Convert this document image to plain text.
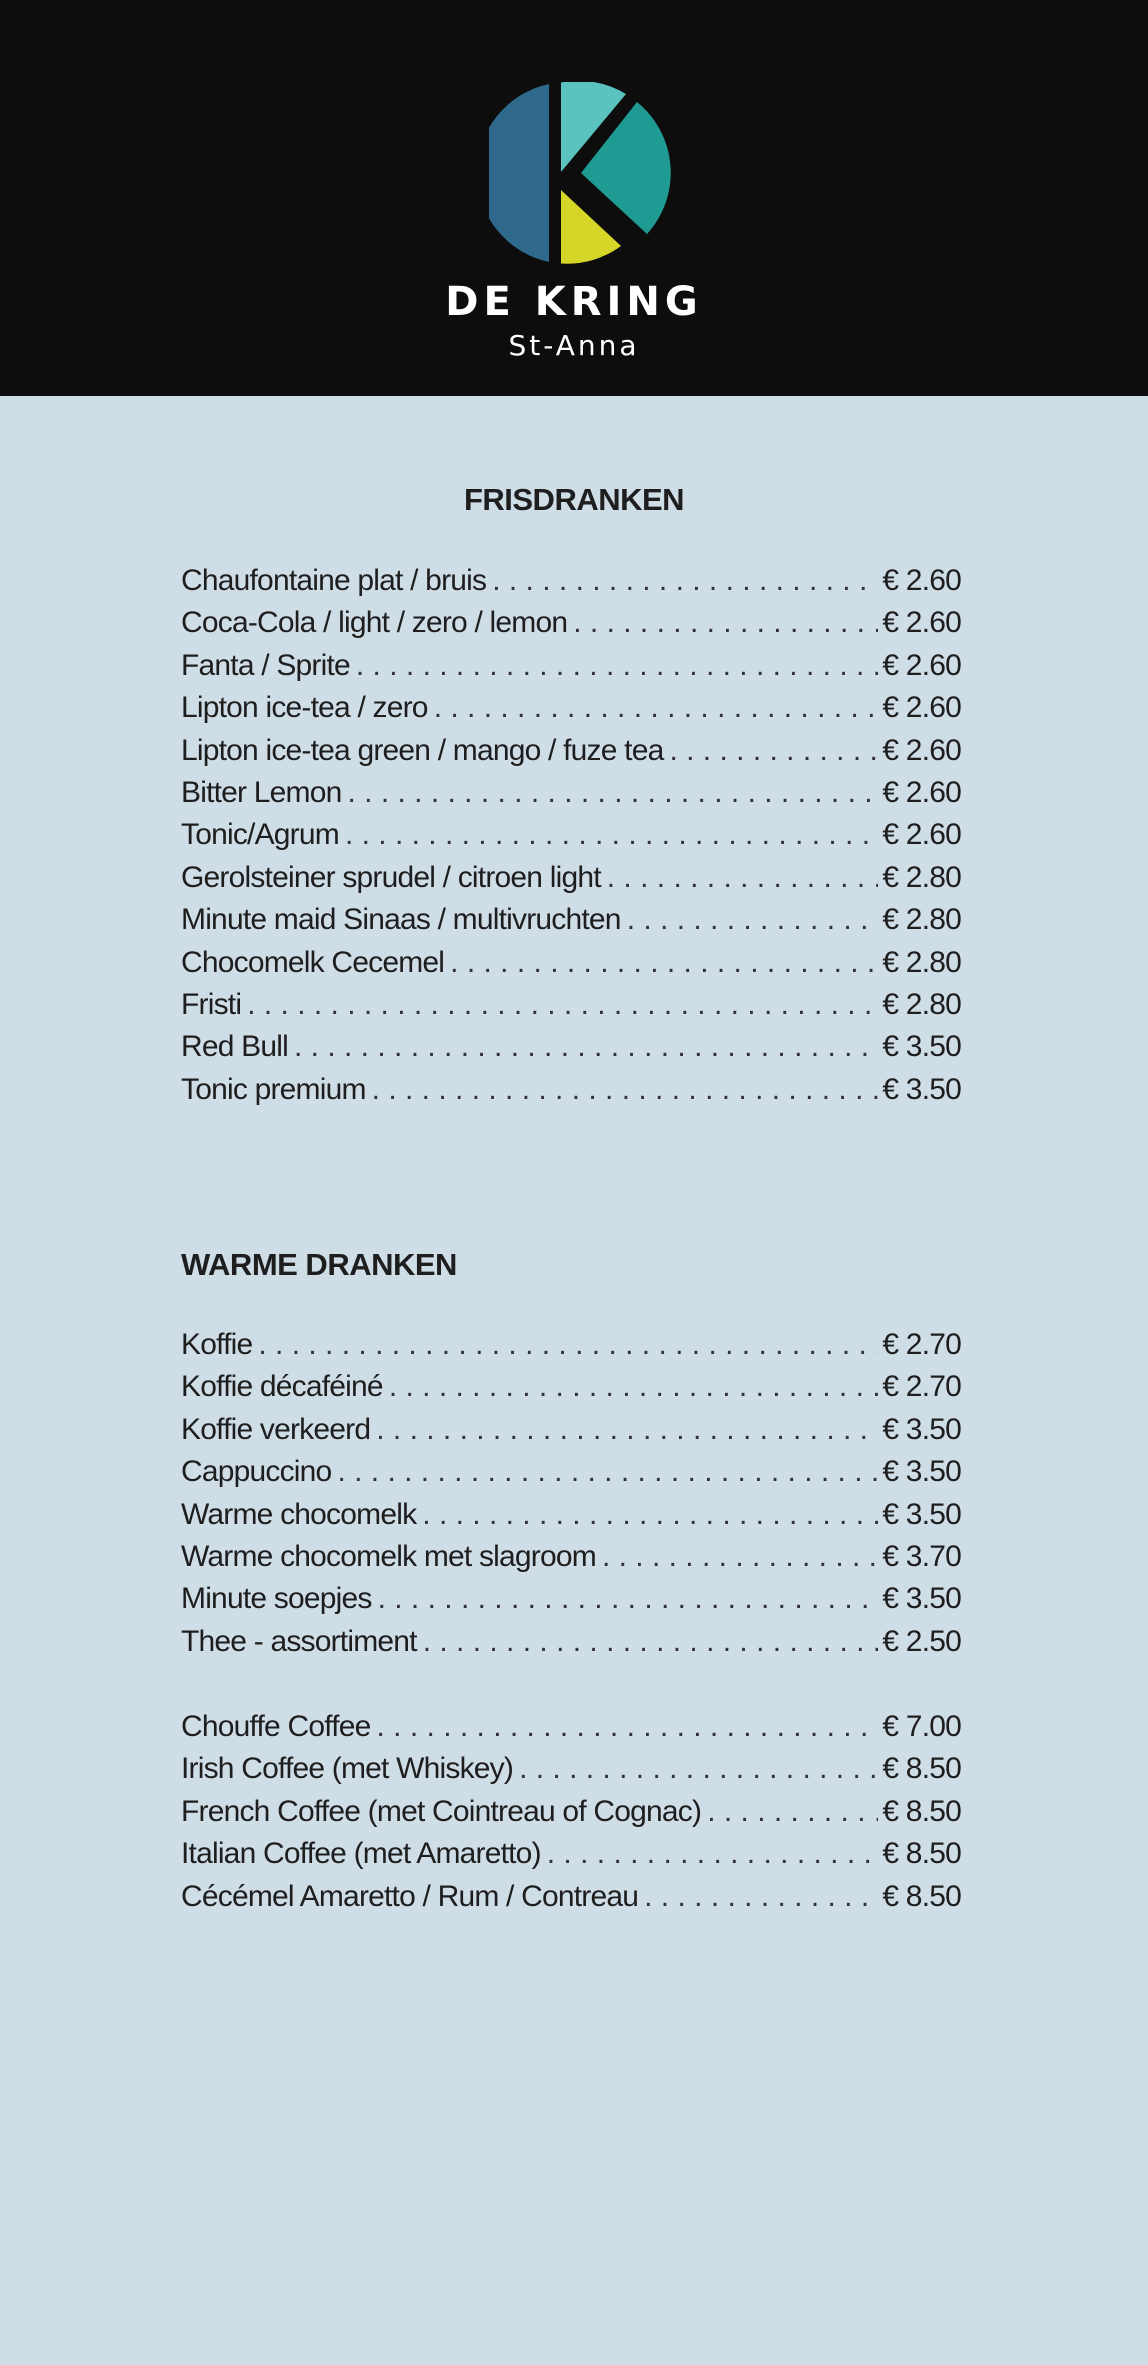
DE KRING
St-Anna
FRISDRANKEN
Chaufontaine plat / bruis . . .	€ 2.60
Coca-Cola / light / zero / lemon . . .	€ 2.60
Fanta / Sprite . . .	€ 2.60
Lipton ice-tea / zero . . .	€ 2.60
Lipton ice-tea green / mango / fuze tea . . .	€ 2.60
Bitter Lemon . . .	€ 2.60
Tonic/Agrum . . .	€ 2.60
Gerolsteiner sprudel / citroen light . . .	€ 2.80
Minute maid Sinaas / multivruchten . . .	€ 2.80
Chocomelk Cecemel . . .	€ 2.80
Fristi . . .	€ 2.80
Red Bull . . .	€ 3.50
Tonic premium . . .	€ 3.50
WARME DRANKEN
Koffie . . .	€ 2.70
Koffie décaféiné . . .	€ 2.70
Koffie verkeerd . . .	€ 3.50
Cappuccino . . .	€ 3.50
Warme chocomelk . . .	€ 3.50
Warme chocomelk met slagroom . . .	€ 3.70
Minute soepjes . . .	€ 3.50
Thee - assortiment . . .	€ 2.50
Chouffe Coffee . . .	€ 7.00
Irish Coffee (met Whiskey) . . .	€ 8.50
French Coffee (met Cointreau of Cognac) . . .	€ 8.50
Italian Coffee (met Amaretto) . . .	€ 8.50
Cécémel Amaretto / Rum / Contreau . . .	€ 8.50
